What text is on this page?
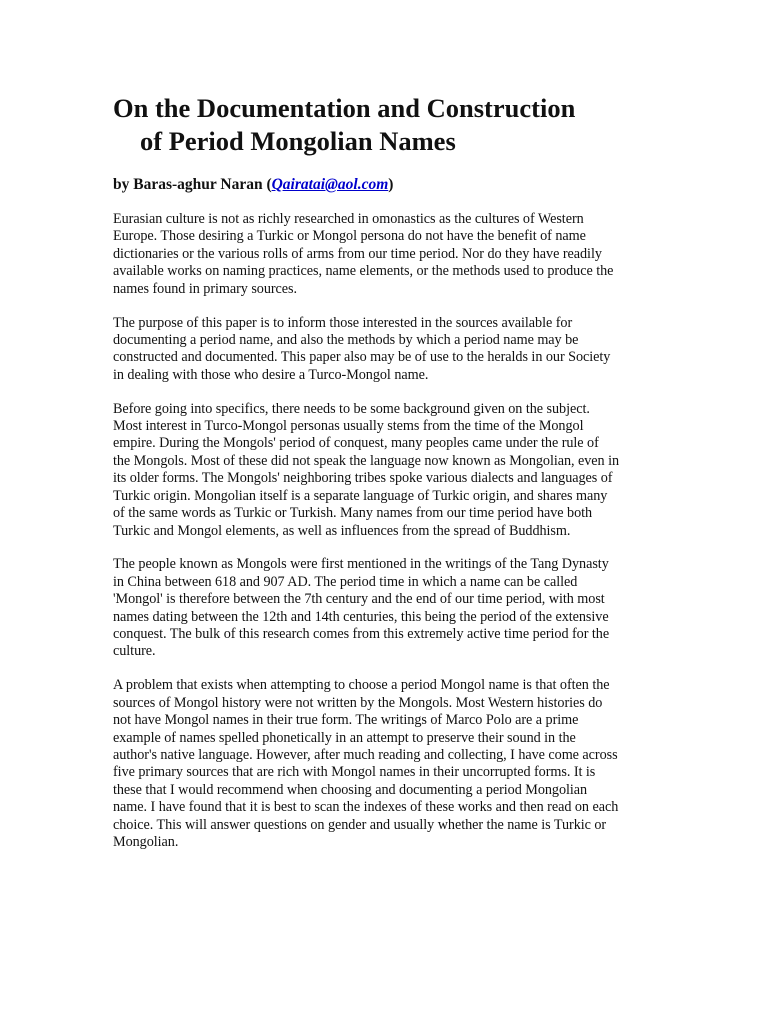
On the Documentation and Construction
of Period Mongolian Names
by Baras-aghur Naran (Qairatai@aol.com)
Eurasian culture is not as richly researched in omonastics as the cultures of Western
Europe. Those desiring a Turkic or Mongol persona do not have the benefit of name
dictionaries or the various rolls of arms from our time period. Nor do they have readily
available works on naming practices, name elements, or the methods used to produce the
names found in primary sources.
The purpose of this paper is to inform those interested in the sources available for
documenting a period name, and also the methods by which a period name may be
constructed and documented. This paper also may be of use to the heralds in our Society
in dealing with those who desire a Turco-Mongol name.
Before going into specifics, there needs to be some background given on the subject.
Most interest in Turco-Mongol personas usually stems from the time of the Mongol
empire. During the Mongols' period of conquest, many peoples came under the rule of
the Mongols. Most of these did not speak the language now known as Mongolian, even in
its older forms. The Mongols' neighboring tribes spoke various dialects and languages of
Turkic origin. Mongolian itself is a separate language of Turkic origin, and shares many
of the same words as Turkic or Turkish. Many names from our time period have both
Turkic and Mongol elements, as well as influences from the spread of Buddhism.
The people known as Mongols were first mentioned in the writings of the Tang Dynasty
in China between 618 and 907 AD. The period time in which a name can be called
'Mongol' is therefore between the 7th century and the end of our time period, with most
names dating between the 12th and 14th centuries, this being the period of the extensive
conquest. The bulk of this research comes from this extremely active time period for the
culture.
A problem that exists when attempting to choose a period Mongol name is that often the
sources of Mongol history were not written by the Mongols. Most Western histories do
not have Mongol names in their true form. The writings of Marco Polo are a prime
example of names spelled phonetically in an attempt to preserve their sound in the
author's native language. However, after much reading and collecting, I have come across
five primary sources that are rich with Mongol names in their uncorrupted forms. It is
these that I would recommend when choosing and documenting a period Mongolian
name. I have found that it is best to scan the indexes of these works and then read on each
choice. This will answer questions on gender and usually whether the name is Turkic or
Mongolian.
